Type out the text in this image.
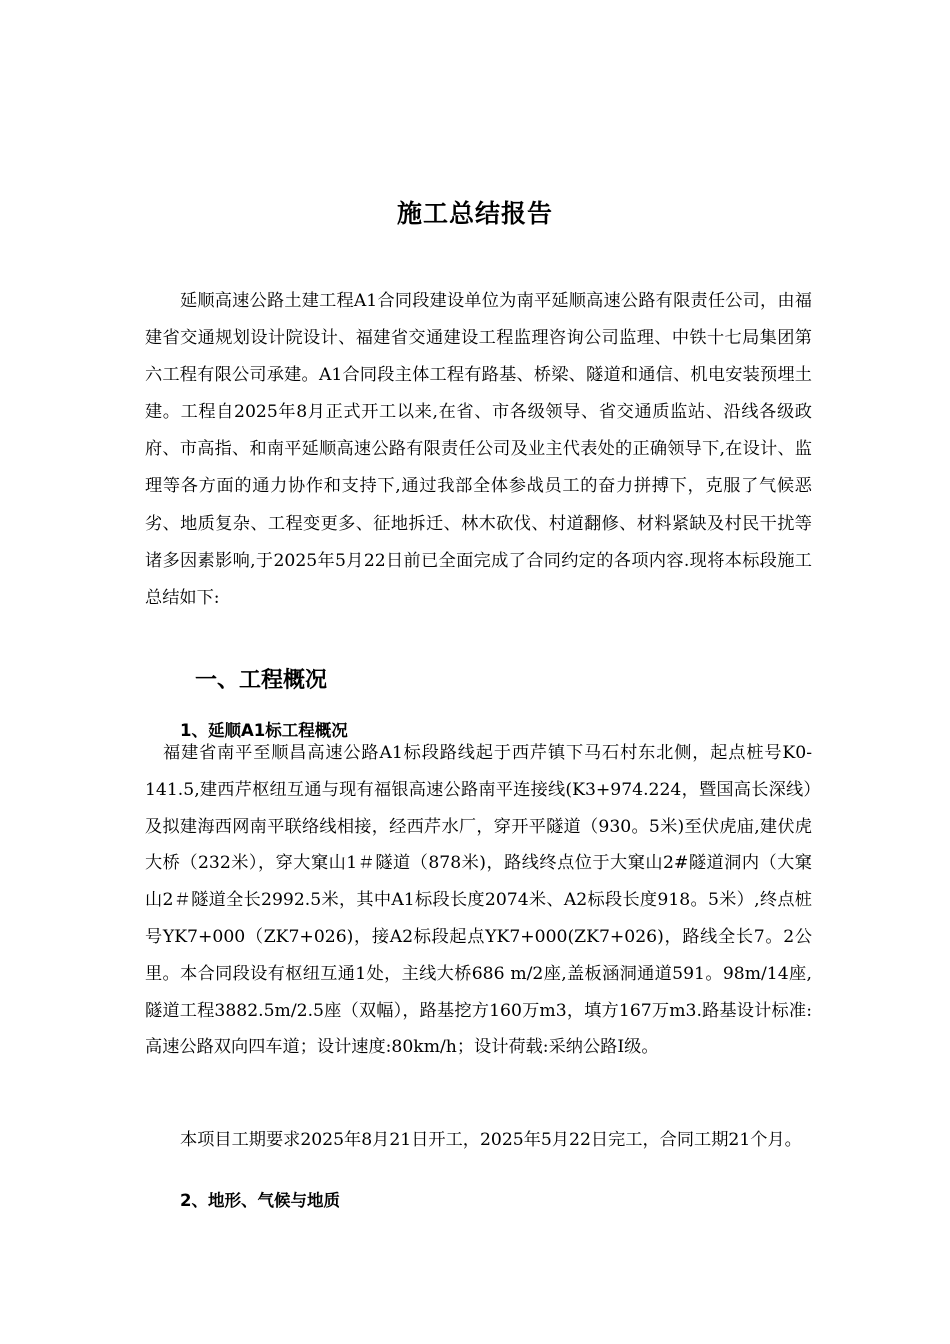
施工总结报告

延顺高速公路土建工程A1合同段建设单位为南平延顺高速公路有限责任公司，由福建省交通规划设计院设计、福建省交通建设工程监理咨询公司监理、中铁十七局集团第六工程有限公司承建。A1合同段主体工程有路基、桥梁、隧道和通信、机电安装预埋土建。工程自2025年8月正式开工以来,在省、市各级领导、省交通质监站、沿线各级政府、市高指、和南平延顺高速公路有限责任公司及业主代表处的正确领导下,在设计、监理等各方面的通力协作和支持下,通过我部全体参战员工的奋力拼搏下，克服了气候恶劣、地质复杂、工程变更多、征地拆迁、林木砍伐、村道翻修、材料紧缺及村民干扰等诸多因素影响,于2025年5月22日前已全面完成了合同约定的各项内容.现将本标段施工总结如下:

一、工程概况
1、延顺A1标工程概况

　福建省南平至顺昌高速公路A1标段路线起于西芹镇下马石村东北侧，起点桩号K0-141.5,建西芹枢纽互通与现有福银高速公路南平连接线(K3+974.224，暨国高长深线）及拟建海西网南平联络线相接，经西芹水厂，穿开平隧道（930。5米)至伏虎庙,建伏虎大桥（232米），穿大窠山1＃隧道（878米)，路线终点位于大窠山2#隧道洞内（大窠山2＃隧道全长2992.5米，其中A1标段长度2074米、A2标段长度918。5米）,终点桩号YK7+000（ZK7+026)，接A2标段起点YK7+000(ZK7+026)，路线全长7。2公里。本合同段设有枢纽互通1处，主线大桥686 m/2座,盖板涵洞通道591。98m/14座,隧道工程3882.5m/2.5座（双幅），路基挖方160万m3，填方167万m3.路基设计标准:高速公路双向四车道；设计速度:80km/h；设计荷载:采纳公路Ⅰ级。

本项目工期要求2025年8月21日开工，2025年5月22日完工，合同工期21个月。

2、地形、气候与地质
